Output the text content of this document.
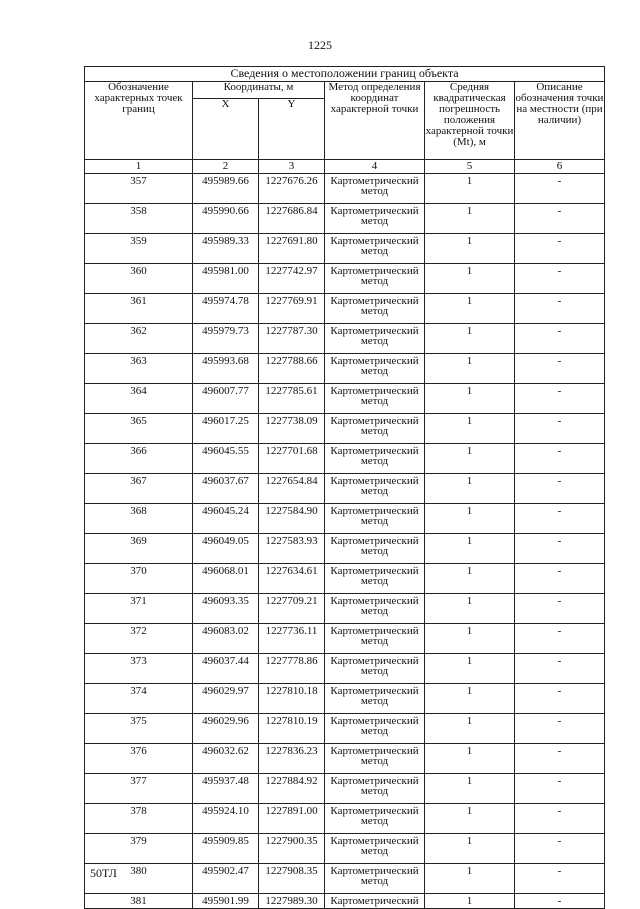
1225
Сведения о местоположении границ объекта					
Обозначение характерных точек границ	Координаты, м		Метод определения координат характерной точки	Средняя квадратическая погрешность положения характерной точки (Mt), м	Описание обозначения точки на местности (при наличии)
	X	Y			
1	2	3	4	5	6
357	495989.66	1227676.26	Картометрический метод	1	-
358	495990.66	1227686.84	Картометрический метод	1	-
359	495989.33	1227691.80	Картометрический метод	1	-
360	495981.00	1227742.97	Картометрический метод	1	-
361	495974.78	1227769.91	Картометрический метод	1	-
362	495979.73	1227787.30	Картометрический метод	1	-
363	495993.68	1227788.66	Картометрический метод	1	-
364	496007.77	1227785.61	Картометрический метод	1	-
365	496017.25	1227738.09	Картометрический метод	1	-
366	496045.55	1227701.68	Картометрический метод	1	-
367	496037.67	1227654.84	Картометрический метод	1	-
368	496045.24	1227584.90	Картометрический метод	1	-
369	496049.05	1227583.93	Картометрический метод	1	-
370	496068.01	1227634.61	Картометрический метод	1	-
371	496093.35	1227709.21	Картометрический метод	1	-
372	496083.02	1227736.11	Картометрический метод	1	-
373	496037.44	1227778.86	Картометрический метод	1	-
374	496029.97	1227810.18	Картометрический метод	1	-
375	496029.96	1227810.19	Картометрический метод	1	-
376	496032.62	1227836.23	Картометрический метод	1	-
377	495937.48	1227884.92	Картометрический метод	1	-
378	495924.10	1227891.00	Картометрический метод	1	-
379	495909.85	1227900.35	Картометрический метод	1	-
380	495902.47	1227908.35	Картометрический метод	1	-
381	495901.99	1227989.30	Картометрический	1	-
50ТЛ
